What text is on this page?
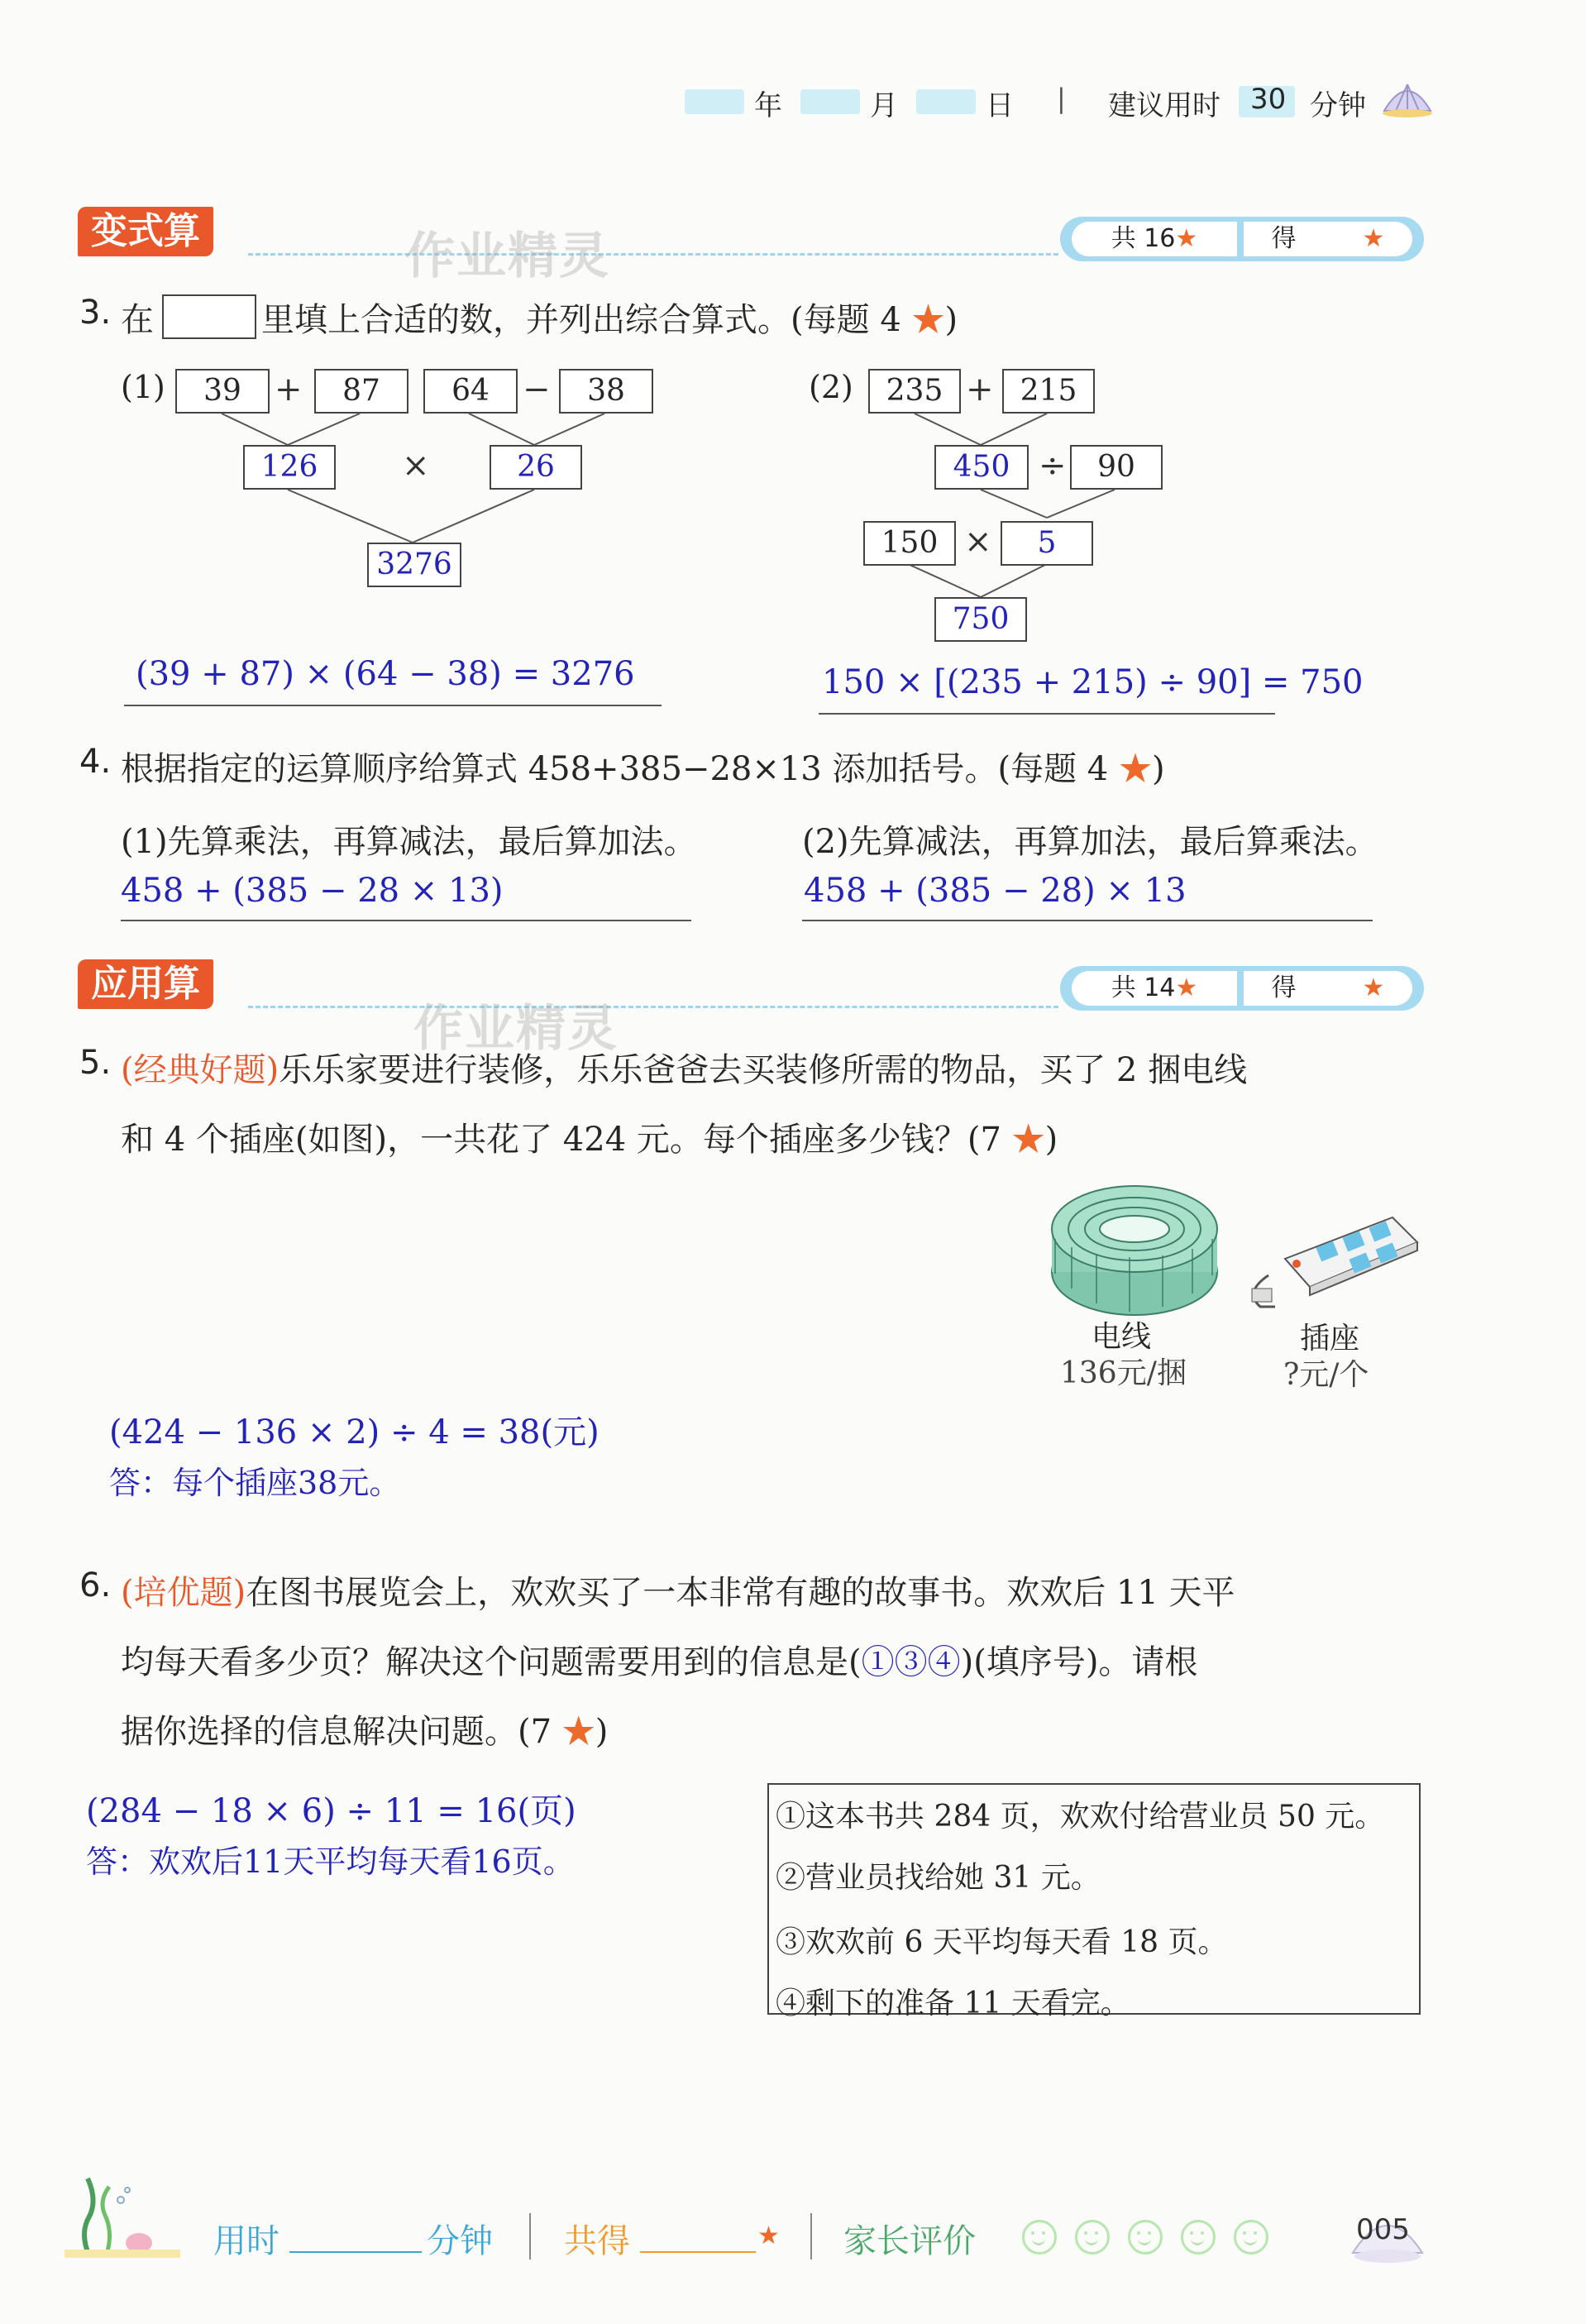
年	月	日 | 建议用时 30 分钟
变式算	作业精灵	共 16★	得	★
3. 在	里填上合适的数，并列出综合算式。(每题 4 ★)
(1)	39	+	87	64	−	38
126	×	26
3276
(39 + 87) × (64 − 38) = 3276
(2)	235 + 215
450 ÷	90
150 ×	5
750
150 × [(235 + 215) ÷ 90] = 750
4. 根据指定的运算顺序给算式 458+385−28×13 添加括号。(每题 4 ★)
(1)先算乘法，再算减法，最后算加法。
458 + (385 − 28 × 13)
(2)先算减法，再算加法，最后算乘法。
458 + (385 − 28) × 13
应用算
作业精灵
共 14★	得	★
5. (经典好题)乐乐家要进行装修，乐乐爸爸去买装修所需的物品，买了 2 捆电线
和 4 个插座(如图)，一共花了 424 元。每个插座多少钱？(7 ★)
电线
136元/捆
插座
?元/个
(424 − 136 × 2) ÷ 4 = 38(元)
答：每个插座38元。
6. (培优题)在图书展览会上，欢欢买了一本非常有趣的故事书。欢欢后 11 天平
均每天看多少页？解决这个问题需要用到的信息是(①③④)(填序号)。请根
据你选择的信息解决问题。(7 ★)
(284 − 18 × 6) ÷ 11 = 16(页)
答：欢欢后11天平均每天看16页。
①这本书共 284 页，欢欢付给营业员 50 元。
②营业员找给她 31 元。
③欢欢前 6 天平均每天看 18 页。
④剩下的准备 11 天看完。
用时	分钟 共得	★ 家长评价	005
